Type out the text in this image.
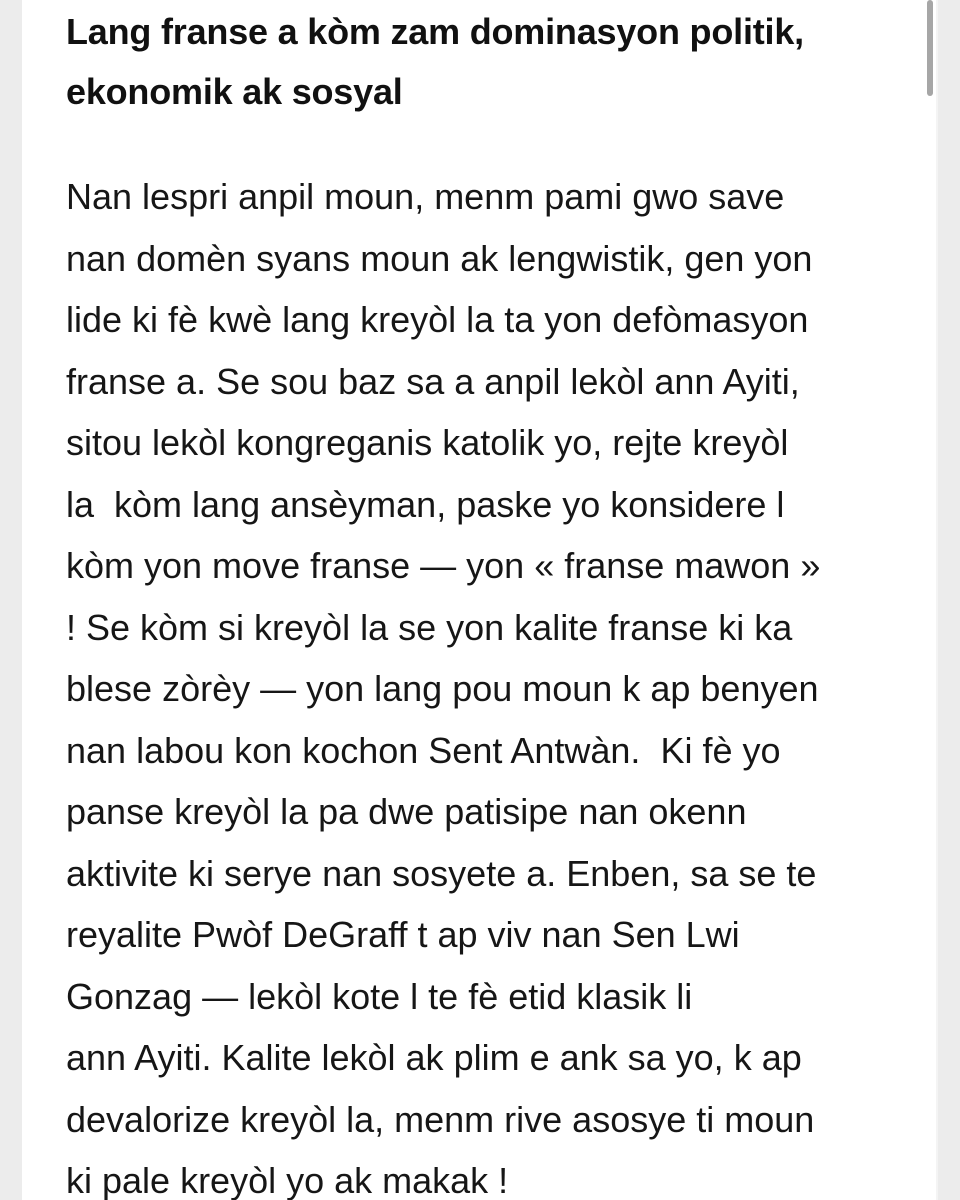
Lang franse a kòm zam dominasyon politik,
ekonomik ak sosyal

Nan lespri anpil moun, menm pami gwo save
nan domèn syans moun ak lengwistik, gen yon
lide ki fè kwè lang kreyòl la ta yon defòmasyon
franse a. Se sou baz sa a anpil lekòl ann Ayiti,
sitou lekòl kongreganis katolik yo, rejte kreyòl
la  kòm lang ansèyman, paske yo konsidere l
kòm yon move franse — yon « franse mawon »
! Se kòm si kreyòl la se yon kalite franse ki ka
blese zòrèy — yon lang pou moun k ap benyen
nan labou kon kochon Sent Antwàn.  Ki fè yo
panse kreyòl la pa dwe patisipe nan okenn
aktivite ki serye nan sosyete a. Enben, sa se te
reyalite Pwòf DeGraff t ap viv nan Sen Lwi
Gonzag — lekòl kote l te fè etid klasik li
ann Ayiti. Kalite lekòl ak plim e ank sa yo, k ap
devalorize kreyòl la, menm rive asosye ti moun
ki pale kreyòl yo ak makak !
